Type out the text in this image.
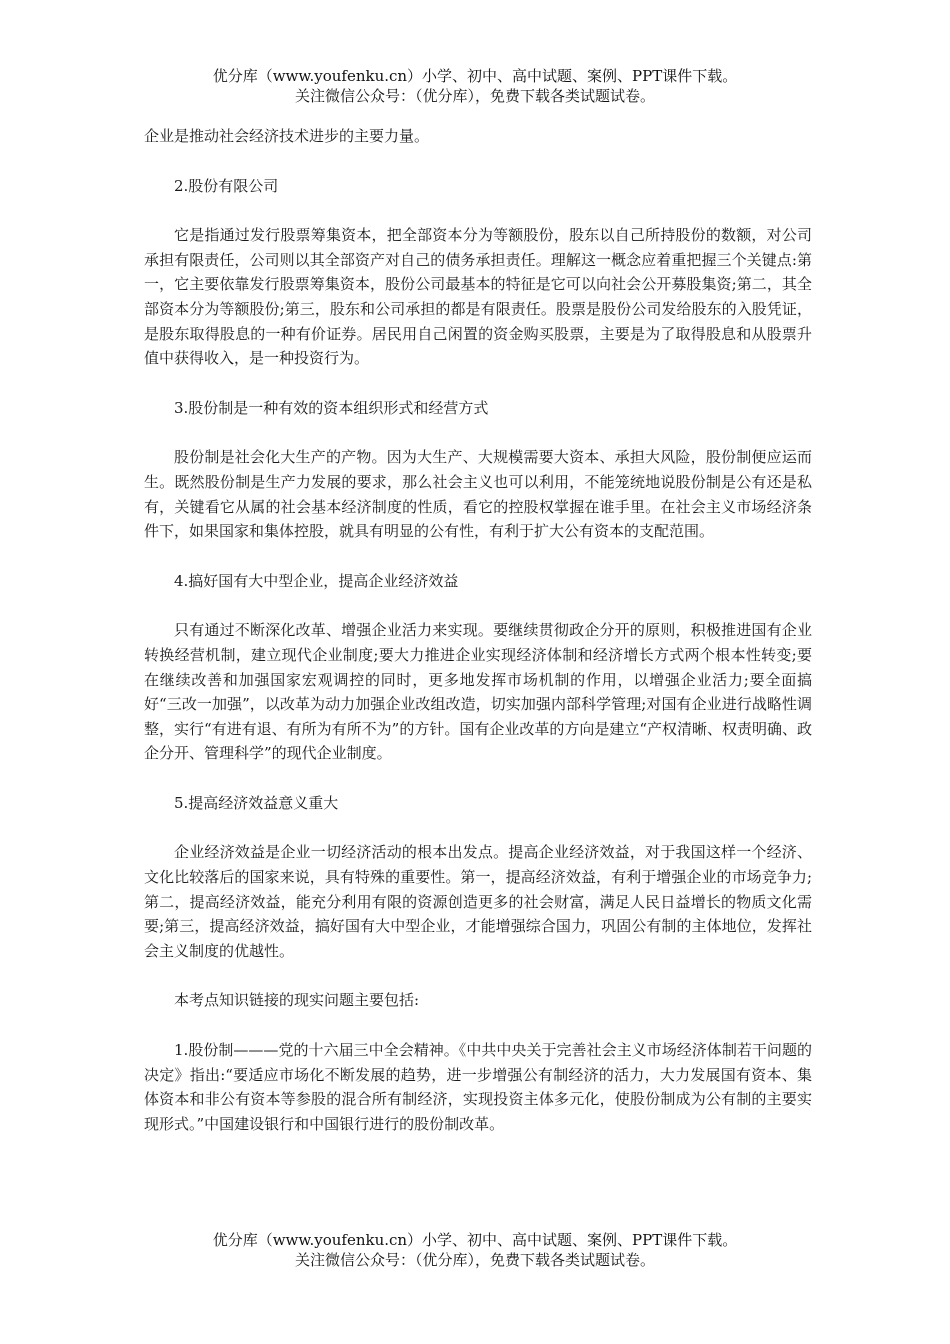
优分库（www.youfenku.cn）小学、初中、高中试题、案例、PPT课件下载。
关注微信公众号：（优分库），免费下载各类试题试卷。

企业是推动社会经济技术进步的主要力量。

2.股份有限公司

它是指通过发行股票筹集资本，把全部资本分为等额股份，股东以自己所持股份的数额，对公司承担有限责任，公司则以其全部资产对自己的债务承担责任。理解这一概念应着重把握三个关键点:第一，它主要依靠发行股票筹集资本，股份公司最基本的特征是它可以向社会公开募股集资;第二，其全部资本分为等额股份;第三，股东和公司承担的都是有限责任。股票是股份公司发给股东的入股凭证，是股东取得股息的一种有价证券。居民用自己闲置的资金购买股票，主要是为了取得股息和从股票升值中获得收入，是一种投资行为。

3.股份制是一种有效的资本组织形式和经营方式

股份制是社会化大生产的产物。因为大生产、大规模需要大资本、承担大风险，股份制便应运而生。既然股份制是生产力发展的要求，那么社会主义也可以利用，不能笼统地说股份制是公有还是私有，关键看它从属的社会基本经济制度的性质，看它的控股权掌握在谁手里。在社会主义市场经济条件下，如果国家和集体控股，就具有明显的公有性，有利于扩大公有资本的支配范围。

4.搞好国有大中型企业，提高企业经济效益

只有通过不断深化改革、增强企业活力来实现。要继续贯彻政企分开的原则，积极推进国有企业转换经营机制，建立现代企业制度;要大力推进企业实现经济体制和经济增长方式两个根本性转变;要在继续改善和加强国家宏观调控的同时，更多地发挥市场机制的作用，以增强企业活力;要全面搞好“三改一加强”，以改革为动力加强企业改组改造，切实加强内部科学管理;对国有企业进行战略性调整，实行“有进有退、有所为有所不为”的方针。国有企业改革的方向是建立“产权清晰、权责明确、政企分开、管理科学”的现代企业制度。

5.提高经济效益意义重大

企业经济效益是企业一切经济活动的根本出发点。提高企业经济效益，对于我国这样一个经济、文化比较落后的国家来说，具有特殊的重要性。第一，提高经济效益，有利于增强企业的市场竞争力;第二，提高经济效益，能充分利用有限的资源创造更多的社会财富，满足人民日益增长的物质文化需要;第三，提高经济效益，搞好国有大中型企业，才能增强综合国力，巩固公有制的主体地位，发挥社会主义制度的优越性。

本考点知识链接的现实问题主要包括:

1.股份制———党的十六届三中全会精神。《中共中央关于完善社会主义市场经济体制若干问题的决定》指出:“要适应市场化不断发展的趋势，进一步增强公有制经济的活力，大力发展国有资本、集体资本和非公有资本等参股的混合所有制经济，实现投资主体多元化，使股份制成为公有制的主要实现形式。”中国建设银行和中国银行进行的股份制改革。

优分库（www.youfenku.cn）小学、初中、高中试题、案例、PPT课件下载。
关注微信公众号：（优分库），免费下载各类试题试卷。
